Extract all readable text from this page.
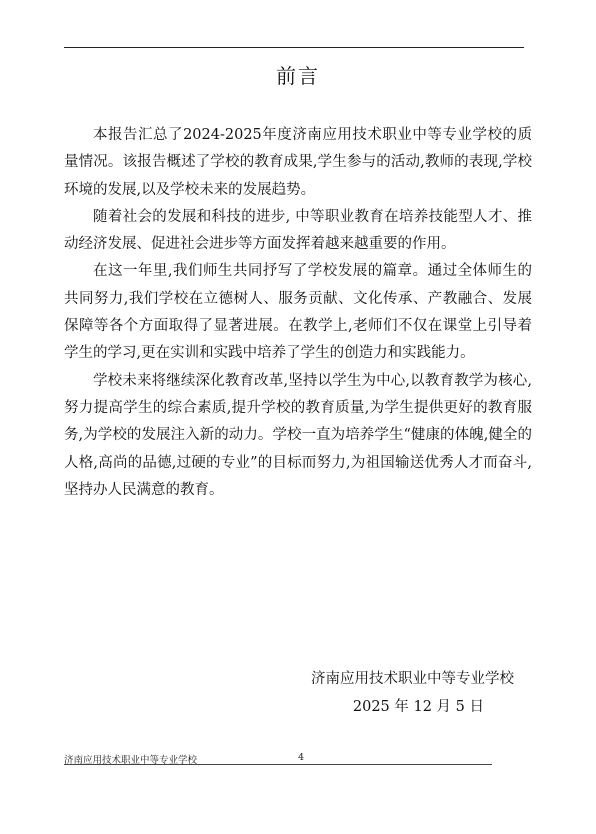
前言

本报告汇总了2024-2025年度济南应用技术职业中等专业学校的质量情况。该报告概述了学校的教育成果,学生参与的活动,教师的表现,学校环境的发展,以及学校未来的发展趋势。

随着社会的发展和科技的进步, 中等职业教育在培养技能型人才、推动经济发展、促进社会进步等方面发挥着越来越重要的作用。

在这一年里,我们师生共同抒写了学校发展的篇章。通过全体师生的共同努力,我们学校在立德树人、服务贡献、文化传承、产教融合、发展保障等各个方面取得了显著进展。在教学上,老师们不仅在课堂上引导着学生的学习,更在实训和实践中培养了学生的创造力和实践能力。

学校未来将继续深化教育改革,坚持以学生为中心,以教育教学为核心,努力提高学生的综合素质,提升学校的教育质量,为学生提供更好的教育服务,为学校的发展注入新的动力。学校一直为培养学生“健康的体魄,健全的人格,高尚的品德,过硬的专业”的目标而努力,为祖国输送优秀人才而奋斗,坚持办人民满意的教育。

济南应用技术职业中等专业学校
2025 年 12 月 5 日
济南应用技术职业中等专业学校	4
